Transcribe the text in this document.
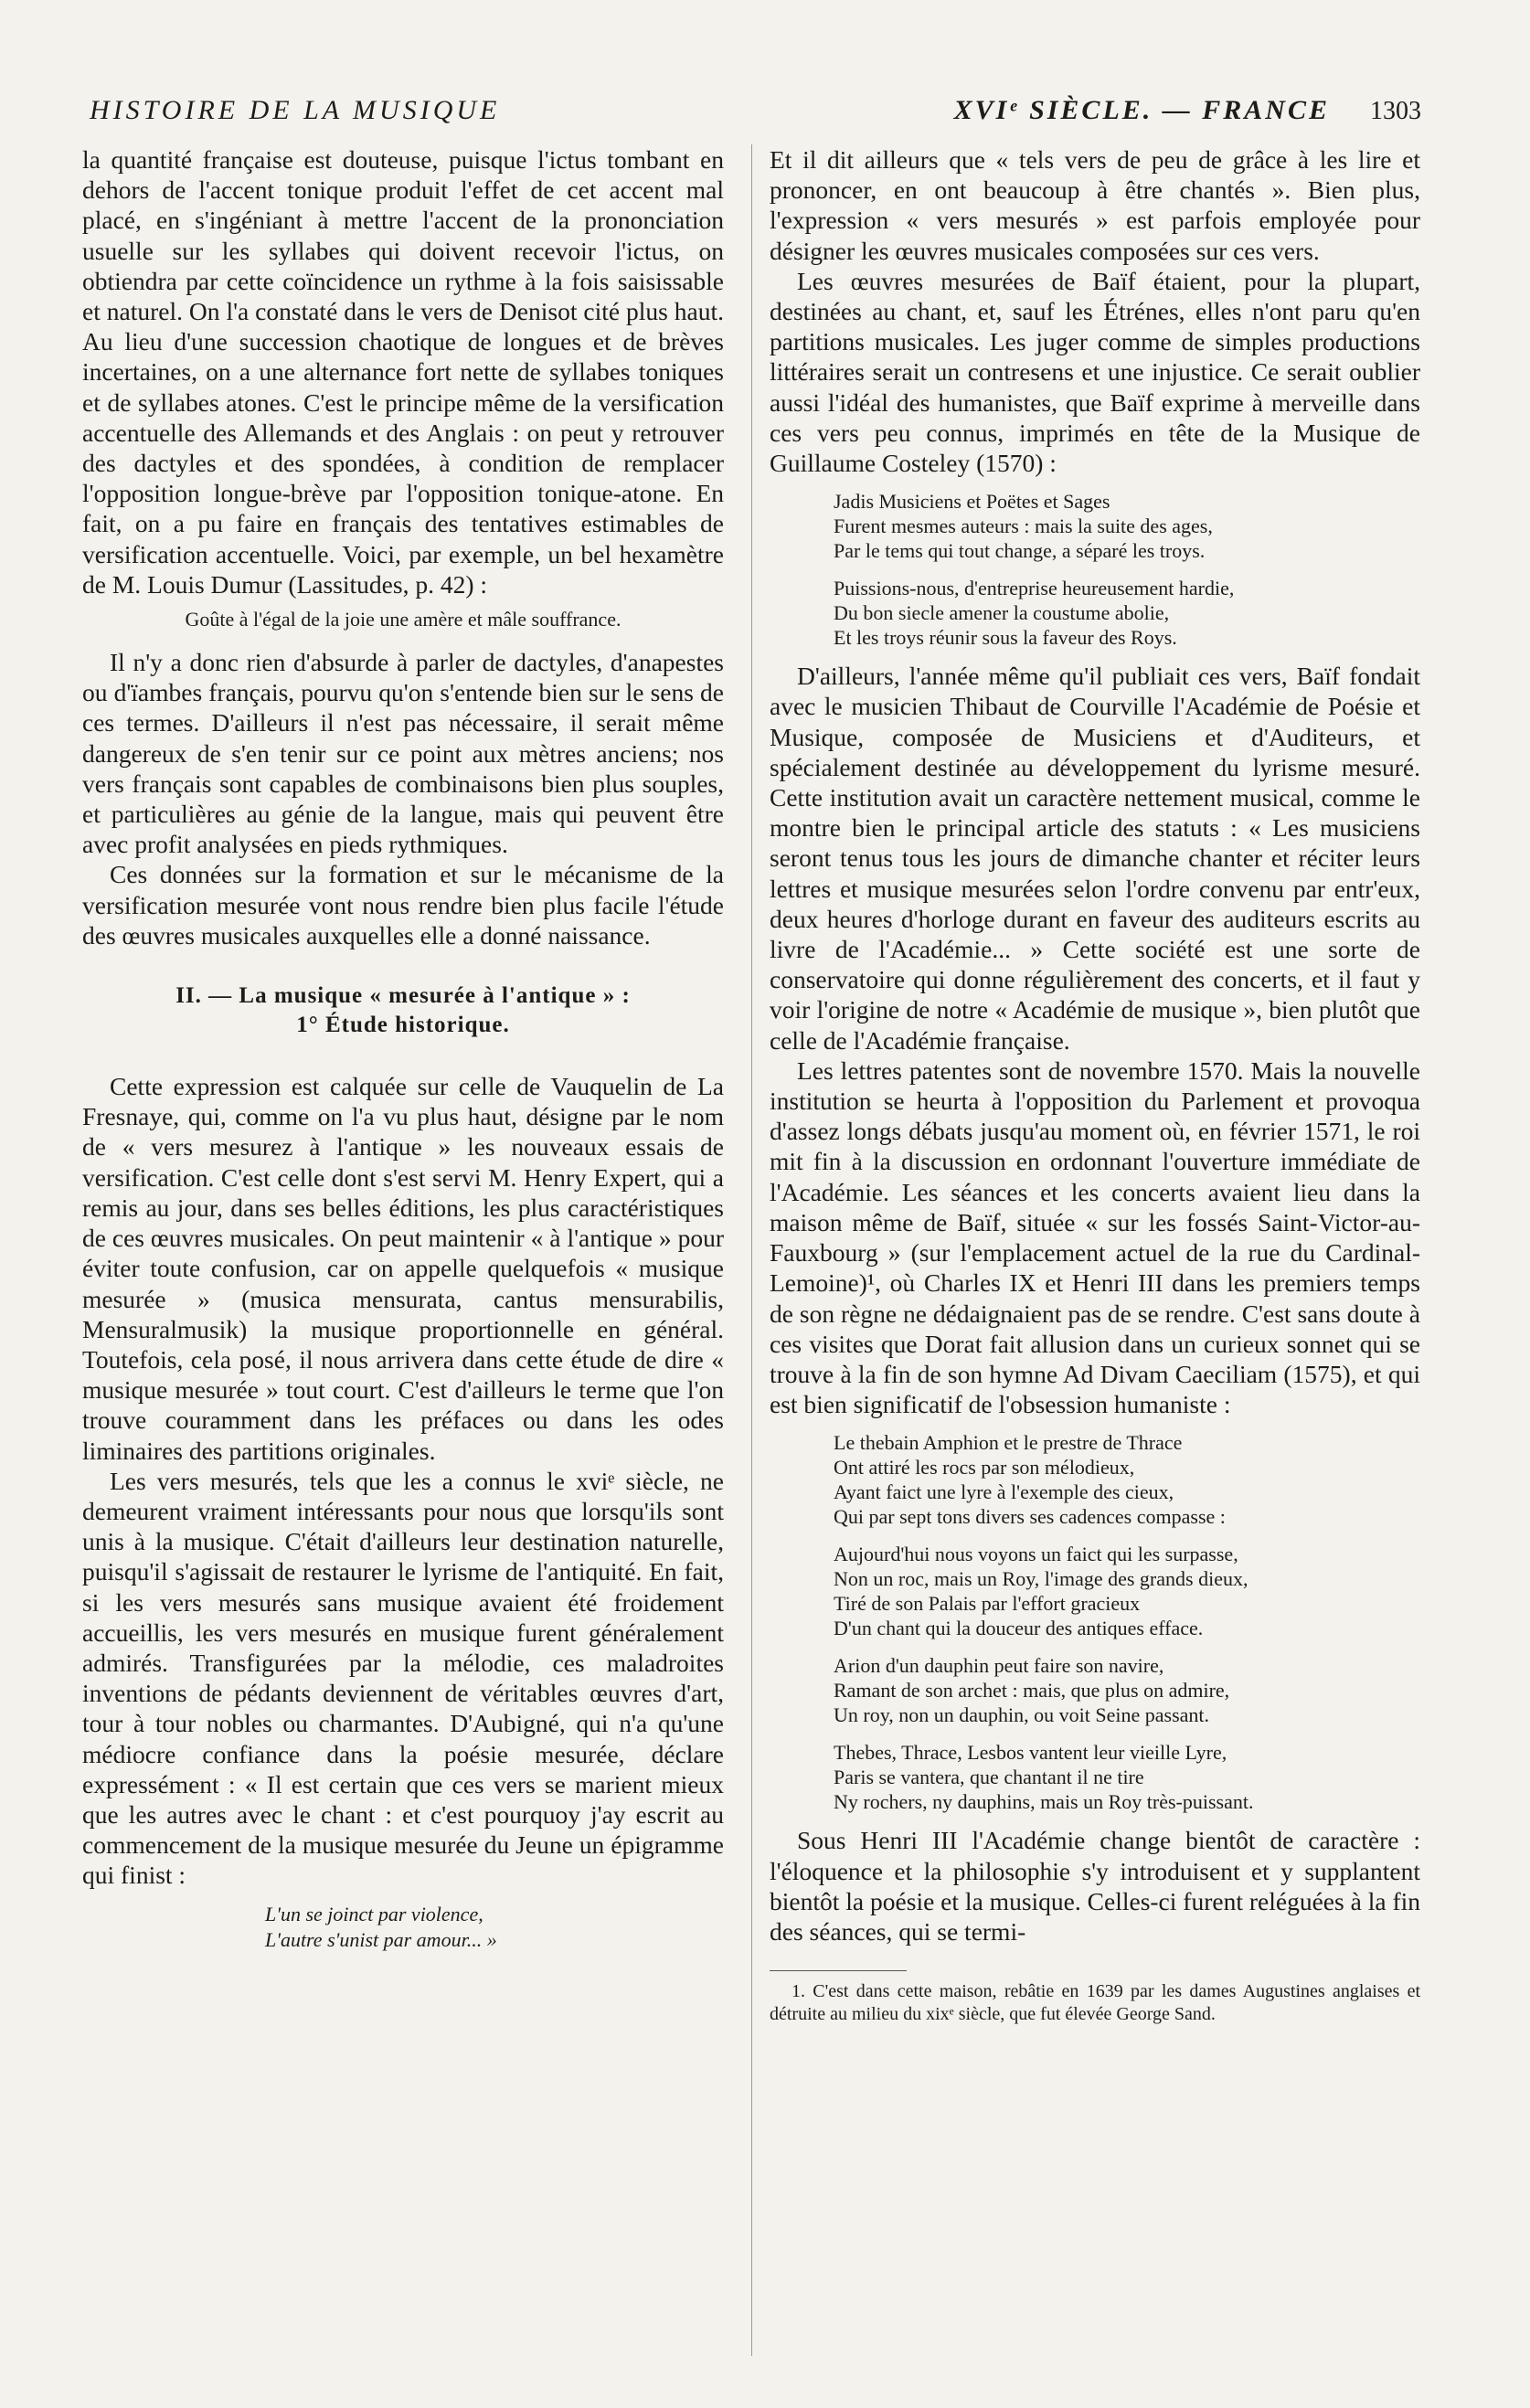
HISTOIRE DE LA MUSIQUE	XVIᵉ SIÈCLE. — FRANCE 1303

la quantité française est douteuse, puisque l'ictus tombant en dehors de l'accent tonique produit l'effet de cet accent mal placé, en s'ingéniant à mettre l'accent de la prononciation usuelle sur les syllabes qui doivent recevoir l'ictus, on obtiendra par cette coïncidence un rythme à la fois saisissable et naturel. On l'a constaté dans le vers de Denisot cité plus haut. Au lieu d'une succession chaotique de longues et de brèves incertaines, on a une alternance fort nette de syllabes toniques et de syllabes atones. C'est le principe même de la versification accentuelle des Allemands et des Anglais : on peut y retrouver des dactyles et des spondées, à condition de remplacer l'opposition longue-brève par l'opposition tonique-atone. En fait, on a pu faire en français des tentatives estimables de versification accentuelle. Voici, par exemple, un bel hexamètre de M. Louis Dumur (Lassitudes, p. 42) :

Goûte à l'égal de la joie une amère et mâle souffrance.

Il n'y a donc rien d'absurde à parler de dactyles, d'anapestes ou d'ïambes français, pourvu qu'on s'entende bien sur le sens de ces termes. D'ailleurs il n'est pas nécessaire, il serait même dangereux de s'en tenir sur ce point aux mètres anciens; nos vers français sont capables de combinaisons bien plus souples, et particulières au génie de la langue, mais qui peuvent être avec profit analysées en pieds rythmiques.

Ces données sur la formation et sur le mécanisme de la versification mesurée vont nous rendre bien plus facile l'étude des œuvres musicales auxquelles elle a donné naissance.

II. — La musique « mesurée à l'antique » :
1° Étude historique.

Cette expression est calquée sur celle de Vauquelin de La Fresnaye, qui, comme on l'a vu plus haut, désigne par le nom de « vers mesurez à l'antique » les nouveaux essais de versification. C'est celle dont s'est servi M. Henry Expert, qui a remis au jour, dans ses belles éditions, les plus caractéristiques de ces œuvres musicales. On peut maintenir « à l'antique » pour éviter toute confusion, car on appelle quelquefois « musique mesurée » (musica mensurata, cantus mensurabilis, Mensuralmusik) la musique proportionnelle en général. Toutefois, cela posé, il nous arrivera dans cette étude de dire « musique mesurée » tout court. C'est d'ailleurs le terme que l'on trouve couramment dans les préfaces ou dans les odes liminaires des partitions originales.

Les vers mesurés, tels que les a connus le xviᵉ siècle, ne demeurent vraiment intéressants pour nous que lorsqu'ils sont unis à la musique. C'était d'ailleurs leur destination naturelle, puisqu'il s'agissait de restaurer le lyrisme de l'antiquité. En fait, si les vers mesurés sans musique avaient été froidement accueillis, les vers mesurés en musique furent généralement admirés. Transfigurées par la mélodie, ces maladroites inventions de pédants deviennent de véritables œuvres d'art, tour à tour nobles ou charmantes. D'Aubigné, qui n'a qu'une médiocre confiance dans la poésie mesurée, déclare expressément : « Il est certain que ces vers se marient mieux que les autres avec le chant : et c'est pourquoy j'ay escrit au commencement de la musique mesurée du Jeune un épigramme qui finist :

L'un se joinct par violence,
L'autre s'unist par amour... »

Et il dit ailleurs que « tels vers de peu de grâce à les lire et prononcer, en ont beaucoup à être chantés ». Bien plus, l'expression « vers mesurés » est parfois employée pour désigner les œuvres musicales composées sur ces vers.

Les œuvres mesurées de Baïf étaient, pour la plupart, destinées au chant, et, sauf les Étrénes, elles n'ont paru qu'en partitions musicales. Les juger comme de simples productions littéraires serait un contresens et une injustice. Ce serait oublier aussi l'idéal des humanistes, que Baïf exprime à merveille dans ces vers peu connus, imprimés en tête de la Musique de Guillaume Costeley (1570) :

Jadis Musiciens et Poëtes et Sages
Furent mesmes auteurs : mais la suite des ages,
Par le tems qui tout change, a séparé les troys.
Puissions-nous, d'entreprise heureusement hardie,
Du bon siecle amener la coustume abolie,
Et les troys réunir sous la faveur des Roys.

D'ailleurs, l'année même qu'il publiait ces vers, Baïf fondait avec le musicien Thibaut de Courville l'Académie de Poésie et Musique, composée de Musiciens et d'Auditeurs, et spécialement destinée au développement du lyrisme mesuré. Cette institution avait un caractère nettement musical, comme le montre bien le principal article des statuts : « Les musiciens seront tenus tous les jours de dimanche chanter et réciter leurs lettres et musique mesurées selon l'ordre convenu par entr'eux, deux heures d'horloge durant en faveur des auditeurs escrits au livre de l'Académie... » Cette société est une sorte de conservatoire qui donne régulièrement des concerts, et il faut y voir l'origine de notre « Académie de musique », bien plutôt que celle de l'Académie française.

Les lettres patentes sont de novembre 1570. Mais la nouvelle institution se heurta à l'opposition du Parlement et provoqua d'assez longs débats jusqu'au moment où, en février 1571, le roi mit fin à la discussion en ordonnant l'ouverture immédiate de l'Académie. Les séances et les concerts avaient lieu dans la maison même de Baïf, située « sur les fossés Saint-Victor-au-Fauxbourg » (sur l'emplacement actuel de la rue du Cardinal-Lemoine)¹, où Charles IX et Henri III dans les premiers temps de son règne ne dédaignaient pas de se rendre. C'est sans doute à ces visites que Dorat fait allusion dans un curieux sonnet qui se trouve à la fin de son hymne Ad Divam Caeciliam (1575), et qui est bien significatif de l'obsession humaniste :

Le thebain Amphion et le prestre de Thrace
Ont attiré les rocs par son mélodieux,
Ayant faict une lyre à l'exemple des cieux,
Qui par sept tons divers ses cadences compasse :
Aujourd'hui nous voyons un faict qui les surpasse,
Non un roc, mais un Roy, l'image des grands dieux,
Tiré de son Palais par l'effort gracieux
D'un chant qui la douceur des antiques efface.
Arion d'un dauphin peut faire son navire,
Ramant de son archet : mais, que plus on admire,
Un roy, non un dauphin, ou voit Seine passant.
Thebes, Thrace, Lesbos vantent leur vieille Lyre,
Paris se vantera, que chantant il ne tire
Ny rochers, ny dauphins, mais un Roy très-puissant.

Sous Henri III l'Académie change bientôt de caractère : l'éloquence et la philosophie s'y introduisent et y supplantent bientôt la poésie et la musique. Celles-ci furent reléguées à la fin des séances, qui se termi-

1. C'est dans cette maison, rebâtie en 1639 par les dames Augustines anglaises et détruite au milieu du xixᵉ siècle, que fut élevée George Sand.
